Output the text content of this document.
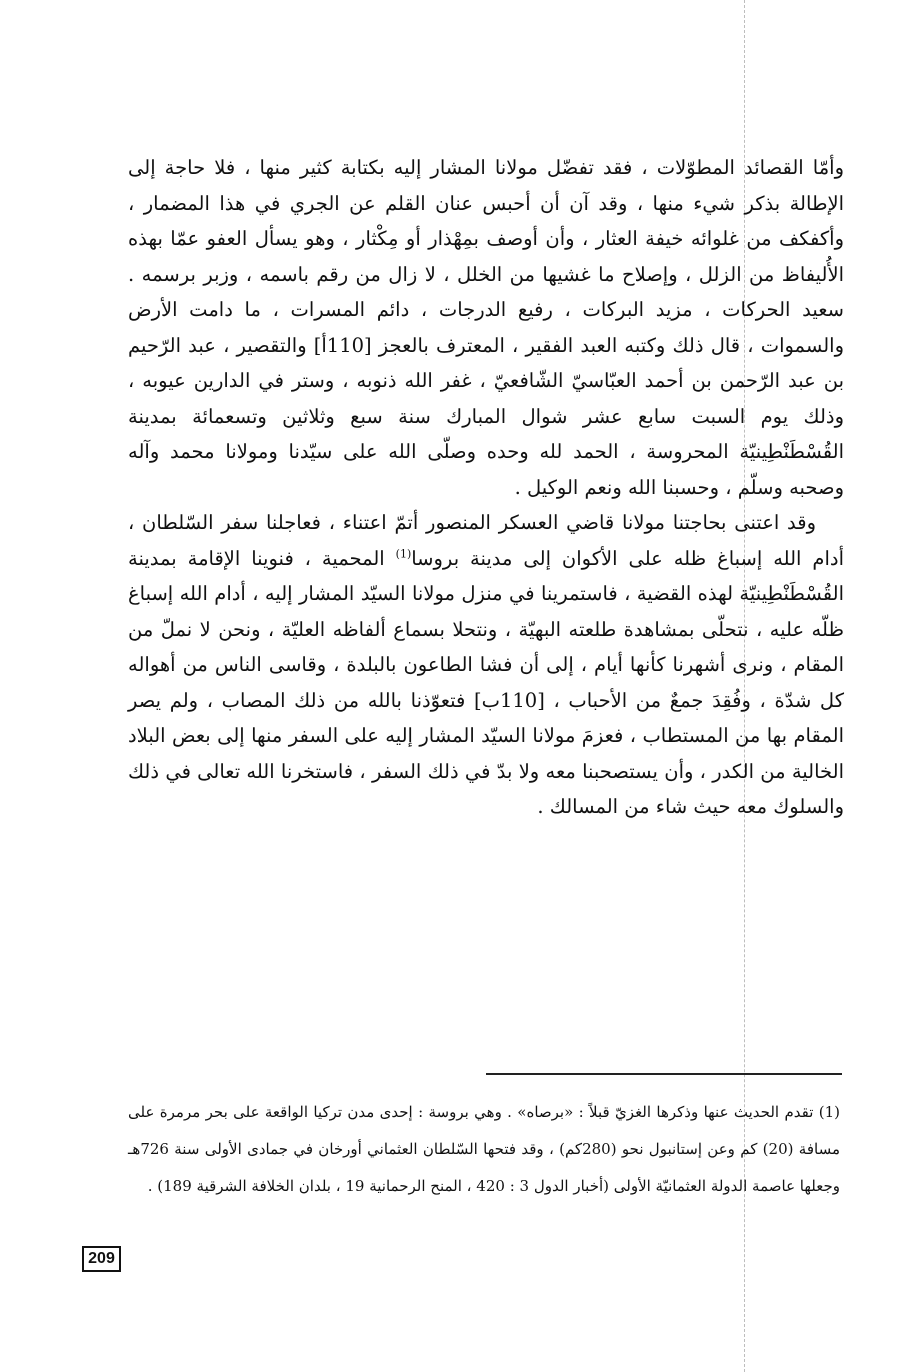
وأمّا القصائد المطوّلات ، فقد تفضّل مولانا المشار إليه بكتابة كثير منها ، فلا حاجة إلى الإطالة بذكر شيء منها ، وقد آن أن أحبس عنان القلم عن الجري في هذا المضمار ، وأكفكف من غلوائه خيفة العثار ، وأن أوصف بمِهْذار أو مِكْثار ، وهو يسأل العفو عمّا بهذه الأُليفاظ من الزلل ، وإصلاح ما غشيها من الخلل ، لا زال من رقم باسمه ، وزبر برسمه . سعيد الحركات ، مزيد البركات ، رفيع الدرجات ، دائم المسرات ، ما دامت الأرض والسموات ، قال ذلك وكتبه العبد الفقير ، المعترف بالعجز [110أ] والتقصير ، عبد الرّحيم بن عبد الرّحمن بن أحمد العبّاسيّ الشّافعيّ ، غفر الله ذنوبه ، وستر في الدارين عيوبه ، وذلك يوم السبت سابع عشر شوال المبارك سنة سبع وثلاثين وتسعمائة بمدينة القُسْطَنْطِينيّة المحروسة ، الحمد لله وحده وصلّى الله على سيّدنا ومولانا محمد وآله وصحبه وسلّم ، وحسبنا الله ونعم الوكيل .

وقد اعتنى بحاجتنا مولانا قاضي العسكر المنصور أتمّ اعتناء ، فعاجلنا سفر السّلطان ، أدام الله إسباغ ظله على الأكوان إلى مدينة بروسا$^{(1)}$ المحمية ، فنوينا الإقامة بمدينة القُسْطَنْطِينيّة لهذه القضية ، فاستمرينا في منزل مولانا السيّد المشار إليه ، أدام الله إسباغ ظلّه عليه ، نتحلّى بمشاهدة طلعته البهيّة ، ونتحلا بسماع ألفاظه العليّة ، ونحن لا نملّ من المقام ، ونرى أشهرنا كأنها أيام ، إلى أن فشا الطاعون بالبلدة ، وقاسى الناس من أهواله كل شدّة ، وفُقِدَ جمعٌ من الأحباب ، [110ب] فتعوّذنا بالله من ذلك المصاب ، ولم يصر المقام بها من المستطاب ، فعزمَ مولانا السيّد المشار إليه على السفر منها إلى بعض البلاد الخالية من الكدر ، وأن يستصحبنا معه ولا بدّ في ذلك السفر ، فاستخرنا الله تعالى في ذلك والسلوك معه حيث شاء من المسالك .

(1) تقدم الحديث عنها وذكرها الغزيّ قبلاً : «برصاه» . وهي بروسة : إحدى مدن تركيا الواقعة على بحر مرمرة على مسافة (20) كم وعن إستانبول نحو (280كم) ، وقد فتحها السّلطان العثماني أورخان في جمادى الأولى سنة 726هـ وجعلها عاصمة الدولة العثمانيّة الأولى (أخبار الدول 3 : 420 ، المنح الرحمانية 19 ، بلدان الخلافة الشرقية 189) .

209
